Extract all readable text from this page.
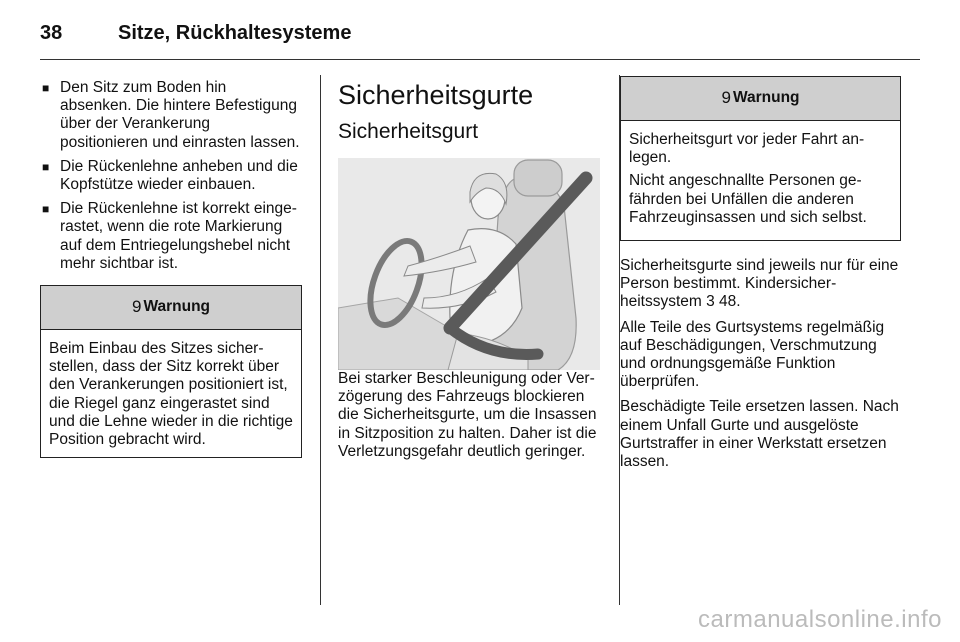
38	Sitze, Rückhaltesysteme
■ Den Sitz zum Boden hin absenken. Die hintere Befestigung über der Verankerung positionieren und einrasten lassen.
■ Die Rückenlehne anheben und die Kopfstütze wieder einbauen.
■ Die Rückenlehne ist korrekt eingerastet, wenn die rote Markierung auf dem Entriegelungshebel nicht mehr sichtbar ist.
9 Warnung
Beim Einbau des Sitzes sicherstellen, dass der Sitz korrekt über den Verankerungen positioniert ist, die Riegel ganz eingerastet sind und die Lehne wieder in die richtige Position gebracht wird.
Sicherheitsgurte
Sicherheitsgurt

Bei starker Beschleunigung oder Verzögerung des Fahrzeugs blockieren die Sicherheitsgurte, um die Insassen in Sitzposition zu halten. Daher ist die Verletzungsgefahr deutlich geringer.

9 Warnung

Sicherheitsgurt vor jeder Fahrt anlegen.

Nicht angeschnallte Personen gefährden bei Unfällen die anderen Fahrzeuginsassen und sich selbst.

Sicherheitsgurte sind jeweils nur für eine Person bestimmt. Kindersicherheitssystem 3 48.

Alle Teile des Gurtsystems regelmäßig auf Beschädigungen, Verschmutzung und ordnungsgemäße Funktion überprüfen.

Beschädigte Teile ersetzen lassen. Nach einem Unfall Gurte und ausgelöste Gurtstraffer in einer Werkstatt ersetzen lassen.

carmanualsonline.info
